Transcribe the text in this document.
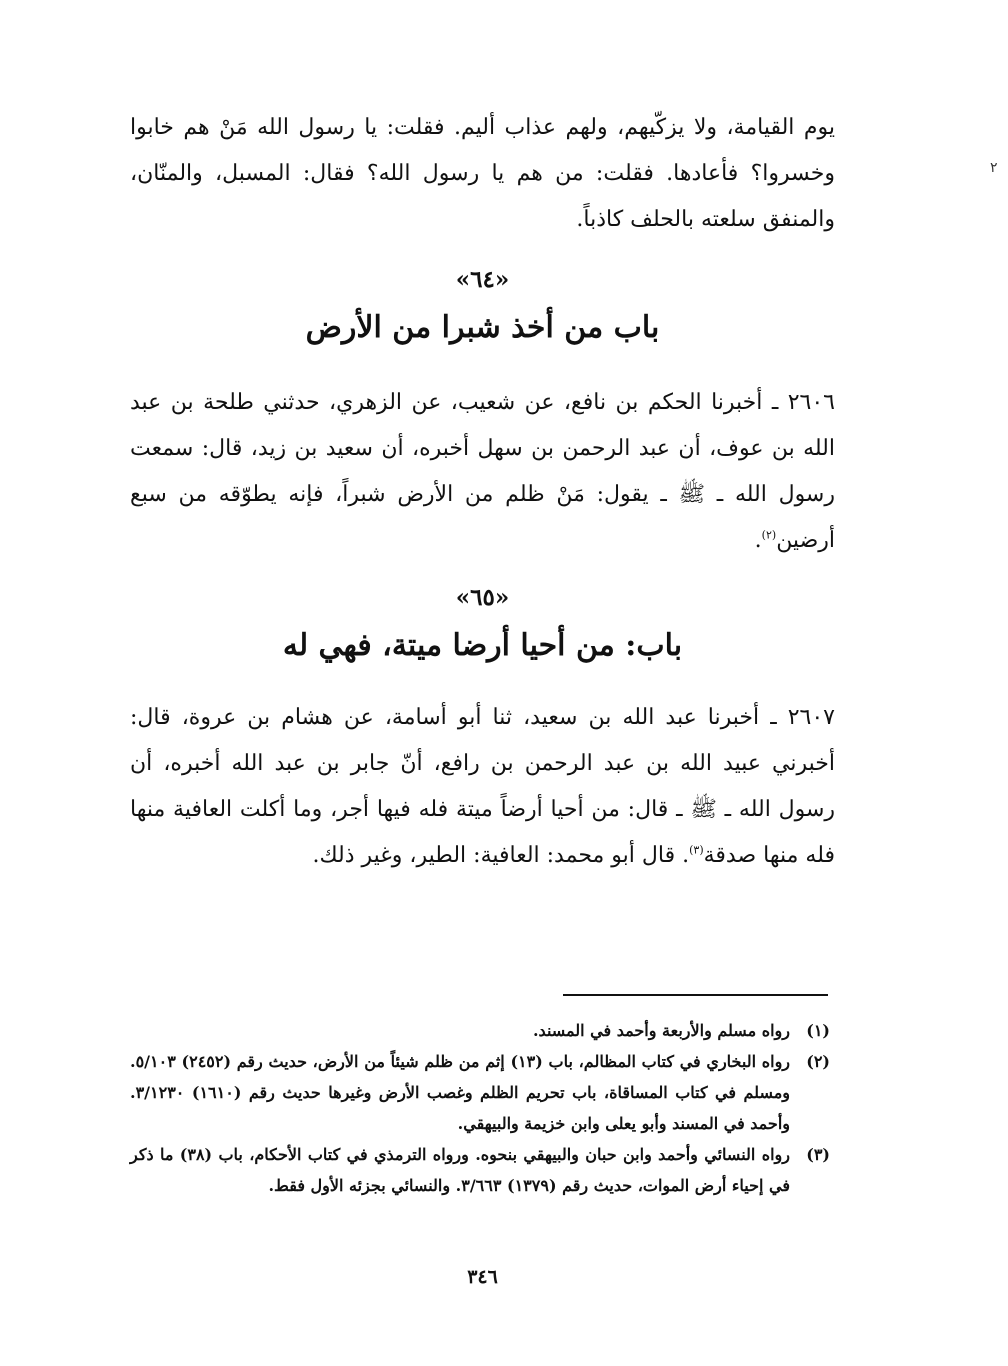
٢
يوم القيامة، ولا يزكّيهم، ولهم عذاب أليم. فقلت: يا رسول الله مَنْ هم خابوا وخسروا؟ فأعادها. فقلت: من هم يا رسول الله؟ فقال: المسبل، والمنّان، والمنفق سلعته بالحلف كاذباً.
«٦٤»
باب من أخذ شبرا من الأرض
٢٦٠٦ ـ أخبرنا الحكم بن نافع، عن شعيب، عن الزهري، حدثني طلحة بن عبد الله بن عوف، أن عبد الرحمن بن سهل أخبره، أن سعيد بن زيد، قال: سمعت رسول الله ـ ﷺ ـ يقول: مَنْ ظلم من الأرض شبراً، فإنه يطوّقه من سبع أرضين$^{(٢)}$.
«٦٥»
باب: من أحيا أرضا ميتة، فهي له
٢٦٠٧ ـ أخبرنا عبد الله بن سعيد، ثنا أبو أسامة، عن هشام بن عروة، قال: أخبرني عبيد الله بن عبد الرحمن بن رافع، أنّ جابر بن عبد الله أخبره، أن رسول الله ـ ﷺ ـ قال: من أحيا أرضاً ميتة فله فيها أجر، وما أكلت العافية منها فله منها صدقة$^{(٣)}$. قال أبو محمد: العافية: الطير، وغير ذلك.
(١)
رواه مسلم والأربعة وأحمد في المسند.
(٢)
رواه البخاري في كتاب المظالم، باب (١٣) إثم من ظلم شيئاً من الأرض، حديث رقم (٢٤٥٢) ٥/١٠٣. ومسلم في كتاب المساقاة، باب تحريم الظلم وغصب الأرض وغيرها حديث رقم (١٦١٠) ٣/١٢٣٠. وأحمد في المسند وأبو يعلى وابن خزيمة والبيهقي.
(٣)
رواه النسائي وأحمد وابن حبان والبيهقي بنحوه. ورواه الترمذي في كتاب الأحكام، باب (٣٨) ما ذكر في إحياء أرض الموات، حديث رقم (١٣٧٩) ٣/٦٦٣. والنسائي بجزئه الأول فقط.
٣٤٦
